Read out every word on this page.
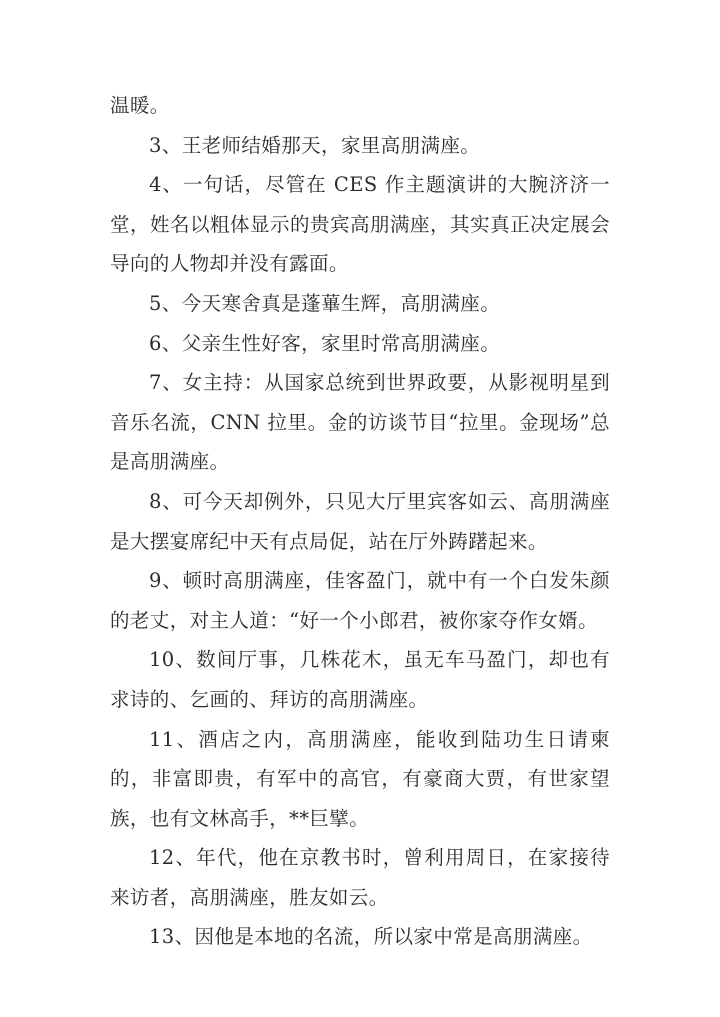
温暖。

3、王老师结婚那天，家里高朋满座。

4、一句话，尽管在 CES 作主题演讲的大腕济济一堂，姓名以粗体显示的贵宾高朋满座，其实真正决定展会导向的人物却并没有露面。

5、今天寒舍真是蓬蓽生辉，高朋满座。

6、父亲生性好客，家里时常高朋满座。

7、女主持：从国家总统到世界政要，从影视明星到音乐名流，CNN 拉里。金的访谈节目“拉里。金现场”总是高朋满座。

8、可今天却例外，只见大厅里宾客如云、高朋满座是大摆宴席纪中天有点局促，站在厅外踌躇起来。

9、顿时高朋满座，佳客盈门，就中有一个白发朱颜的老丈，对主人道：“好一个小郎君，被你家夺作女婿。

10、数间厅事，几株花木，虽无车马盈门，却也有求诗的、乞画的、拜访的高朋满座。

11、酒店之内，高朋满座，能收到陆功生日请柬的，非富即贵，有军中的高官，有豪商大贾，有世家望族，也有文林高手，**巨擘。

12、年代，他在京教书时，曾利用周日，在家接待来访者，高朋满座，胜友如云。

13、因他是本地的名流，所以家中常是高朋满座。
